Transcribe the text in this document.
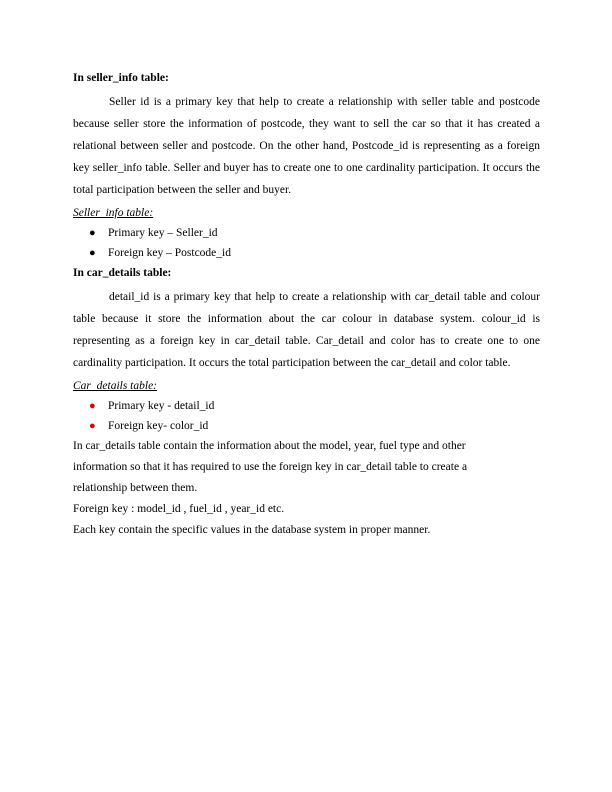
In seller_info table:

Seller id is a primary key that help to create a relationship with seller table and postcode because seller store the information of postcode, they want to sell the car so that it has created a relational between seller and postcode. On the other hand, Postcode_id is representing as a foreign key seller_info table. Seller and buyer has to create one to one cardinality participation. It occurs the total participation between the seller and buyer.

Seller_info table:

● Primary key – Seller_id
● Foreign key – Postcode_id

In car_details table:

detail_id is a primary key that help to create a relationship with car_detail table and colour table because it store the information about the car colour in database system. colour_id is representing as a foreign key in car_detail table. Car_detail and color has to create one to one cardinality participation. It occurs the total participation between the car_detail and color table.

Car_details table:

● Primary key - detail_id
● Foreign key- color_id

In car_details table contain the information about the model, year, fuel type and other

information so that it has required to use the foreign key in car_detail table to create a

relationship between them.

Foreign key : model_id , fuel_id , year_id etc.

Each key contain the specific values in the database system in proper manner.
